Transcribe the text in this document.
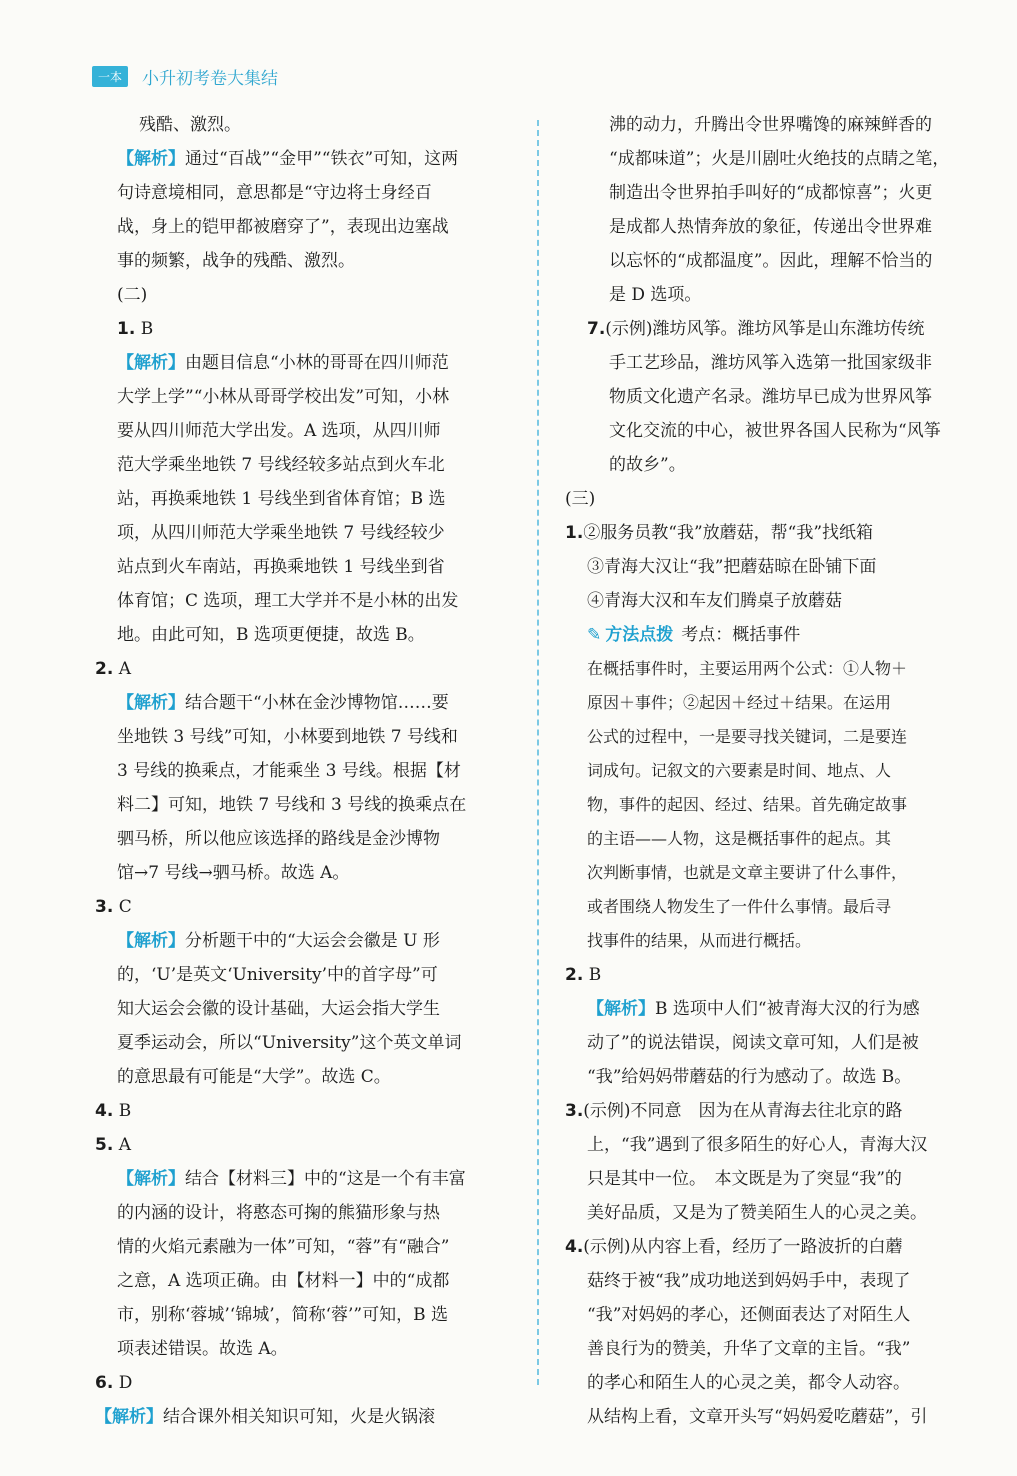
一本	小升初考卷大集结
残酷、激烈。
【解析】通过“百战”“金甲”“铁衣”可知，这两
句诗意境相同，意思都是“守边将士身经百
战，身上的铠甲都被磨穿了”，表现出边塞战
事的频繁，战争的残酷、激烈。
(二)
1. B
【解析】由题目信息“小林的哥哥在四川师范
大学上学”“小林从哥哥学校出发”可知，小林
要从四川师范大学出发。A 选项，从四川师
范大学乘坐地铁 7 号线经较多站点到火车北
站，再换乘地铁 1 号线坐到省体育馆；B 选
项，从四川师范大学乘坐地铁 7 号线经较少
站点到火车南站，再换乘地铁 1 号线坐到省
体育馆；C 选项，理工大学并不是小林的出发
地。由此可知，B 选项更便捷，故选 B。
2. A
【解析】结合题干“小林在金沙博物馆……要
坐地铁 3 号线”可知，小林要到地铁 7 号线和
3 号线的换乘点，才能乘坐 3 号线。根据【材
料二】可知，地铁 7 号线和 3 号线的换乘点在
驷马桥，所以他应该选择的路线是金沙博物
馆→7 号线→驷马桥。故选 A。
3. C
【解析】分析题干中的“大运会会徽是 U 形
的，‘U’是英文‘University’中的首字母”可
知大运会会徽的设计基础，大运会指大学生
夏季运动会，所以“University”这个英文单词
的意思最有可能是“大学”。故选 C。
4. B
5. A
【解析】结合【材料三】中的“这是一个有丰富
的内涵的设计，将憨态可掬的熊猫形象与热
情的火焰元素融为一体”可知，“蓉”有“融合”
之意，A 选项正确。由【材料一】中的“成都
市，别称‘蓉城’‘锦城’，简称‘蓉’”可知，B 选
项表述错误。故选 A。
6. D
【解析】结合课外相关知识可知，火是火锅滚
沸的动力，升腾出令世界嘴馋的麻辣鲜香的
“成都味道”；火是川剧吐火绝技的点睛之笔，
制造出令世界拍手叫好的“成都惊喜”；火更
是成都人热情奔放的象征，传递出令世界难
以忘怀的“成都温度”。因此，理解不恰当的
是 D 选项。
7.(示例)潍坊风筝。潍坊风筝是山东潍坊传统
手工艺珍品，潍坊风筝入选第一批国家级非
物质文化遗产名录。潍坊早已成为世界风筝
文化交流的中心，被世界各国人民称为“风筝
的故乡”。
(三)
1.②服务员教“我”放蘑菇，帮“我”找纸箱
③青海大汉让“我”把蘑菇晾在卧铺下面
④青海大汉和车友们腾桌子放蘑菇
✎ 方法点拨 考点：概括事件
在概括事件时，主要运用两个公式：①人物＋
原因＋事件；②起因＋经过＋结果。在运用
公式的过程中，一是要寻找关键词，二是要连
词成句。记叙文的六要素是时间、地点、人
物，事件的起因、经过、结果。首先确定故事
的主语——人物，这是概括事件的起点。其
次判断事情，也就是文章主要讲了什么事件，
或者围绕人物发生了一件什么事情。最后寻
找事件的结果，从而进行概括。
2. B
【解析】B 选项中人们“被青海大汉的行为感
动了”的说法错误，阅读文章可知，人们是被
“我”给妈妈带蘑菇的行为感动了。故选 B。
3.(示例)不同意　因为在从青海去往北京的路
上，“我”遇到了很多陌生的好心人，青海大汉
只是其中一位。　本文既是为了突显“我”的
美好品质，又是为了赞美陌生人的心灵之美。
4.(示例)从内容上看，经历了一路波折的白蘑
菇终于被“我”成功地送到妈妈手中，表现了
“我”对妈妈的孝心，还侧面表达了对陌生人
善良行为的赞美，升华了文章的主旨。“我”
的孝心和陌生人的心灵之美，都令人动容。
从结构上看，文章开头写“妈妈爱吃蘑菇”，引
